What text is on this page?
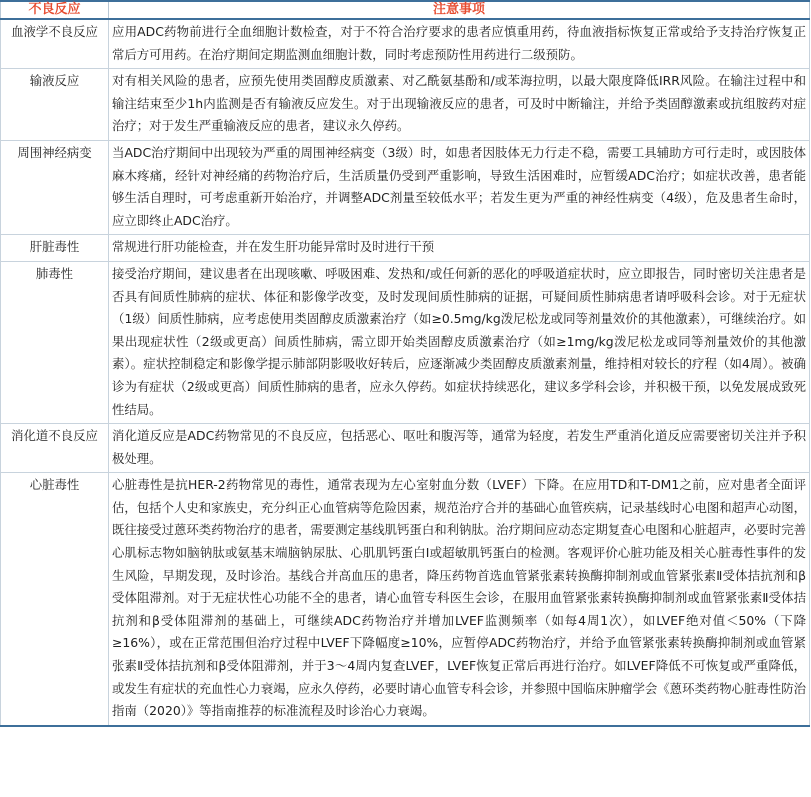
不良反应	注意事项
血液学不良反应	应用ADC药物前进行全血细胞计数检查，对于不符合治疗要求的患者应慎重用药，待血液指标恢复正常或给予支持治疗恢复正常后方可用药。在治疗期间定期监测血细胞计数，同时考虑预防性用药进行二级预防。
输液反应	对有相关风险的患者，应预先使用类固醇皮质激素、对乙酰氨基酚和/或苯海拉明，以最大限度降低IRR风险。在输注过程中和输注结束至少1h内监测是否有输液反应发生。对于出现输液反应的患者，可及时中断输注，并给予类固醇激素或抗组胺药对症治疗；对于发生严重输液反应的患者，建议永久停药。
周围神经病变	当ADC治疗期间中出现较为严重的周围神经病变（3级）时，如患者因肢体无力行走不稳，需要工具辅助方可行走时，或因肢体麻木疼痛，经针对神经痛的药物治疗后，生活质量仍受到严重影响，导致生活困难时，应暂缓ADC治疗；如症状改善，患者能够生活自理时，可考虑重新开始治疗，并调整ADC剂量至较低水平；若发生更为严重的神经性病变（4级），危及患者生命时，应立即终止ADC治疗。
肝脏毒性	常规进行肝功能检查，并在发生肝功能异常时及时进行干预
肺毒性	接受治疗期间，建议患者在出现咳嗽、呼吸困难、发热和/或任何新的恶化的呼吸道症状时，应立即报告，同时密切关注患者是否具有间质性肺病的症状、体征和影像学改变，及时发现间质性肺病的证据，可疑间质性肺病患者请呼吸科会诊。对于无症状（1级）间质性肺病，应考虑使用类固醇皮质激素治疗（如≥0.5mg/kg泼尼松龙或同等剂量效价的其他激素），可继续治疗。如果出现症状性（2级或更高）间质性肺病，需立即开始类固醇皮质激素治疗（如≥1mg/kg泼尼松龙或同等剂量效价的其他激素）。症状控制稳定和影像学提示肺部阴影吸收好转后，应逐渐减少类固醇皮质激素剂量，维持相对较长的疗程（如4周）。被确诊为有症状（2级或更高）间质性肺病的患者，应永久停药。如症状持续恶化，建议多学科会诊，并积极干预，以免发展成致死性结局。
消化道不良反应	消化道反应是ADC药物常见的不良反应，包括恶心、呕吐和腹泻等，通常为轻度，若发生严重消化道反应需要密切关注并予积极处理。
心脏毒性	心脏毒性是抗HER-2药物常见的毒性，通常表现为左心室射血分数（LVEF）下降。在应用TD和T-DM1之前，应对患者全面评估，包括个人史和家族史，充分纠正心血管病等危险因素，规范治疗合并的基础心血管疾病，记录基线时心电图和超声心动图，既往接受过蒽环类药物治疗的患者，需要测定基线肌钙蛋白和利钠肽。治疗期间应动态定期复查心电图和心脏超声，必要时完善心肌标志物如脑钠肽或氨基末端脑钠尿肽、心肌肌钙蛋白I或超敏肌钙蛋白的检测。客观评价心脏功能及相关心脏毒性事件的发生风险，早期发现，及时诊治。基线合并高血压的患者，降压药物首选血管紧张素转换酶抑制剂或血管紧张素Ⅱ受体拮抗剂和β受体阻滞剂。对于无症状性心功能不全的患者，请心血管专科医生会诊，在服用血管紧张素转换酶抑制剂或血管紧张素Ⅱ受体拮抗剂和β受体阻滞剂的基础上，可继续ADC药物治疗并增加LVEF监测频率（如每4周1次），如LVEF绝对值＜50%（下降≥16%），或在正常范围但治疗过程中LVEF下降幅度≥10%，应暂停ADC药物治疗，并给予血管紧张素转换酶抑制剂或血管紧张素Ⅱ受体拮抗剂和β受体阻滞剂，并于3～4周内复查LVEF，LVEF恢复正常后再进行治疗。如LVEF降低不可恢复或严重降低，或发生有症状的充血性心力衰竭，应永久停药，必要时请心血管专科会诊，并参照中国临床肿瘤学会《蒽环类药物心脏毒性防治指南（2020）》等指南推荐的标准流程及时诊治心力衰竭。
